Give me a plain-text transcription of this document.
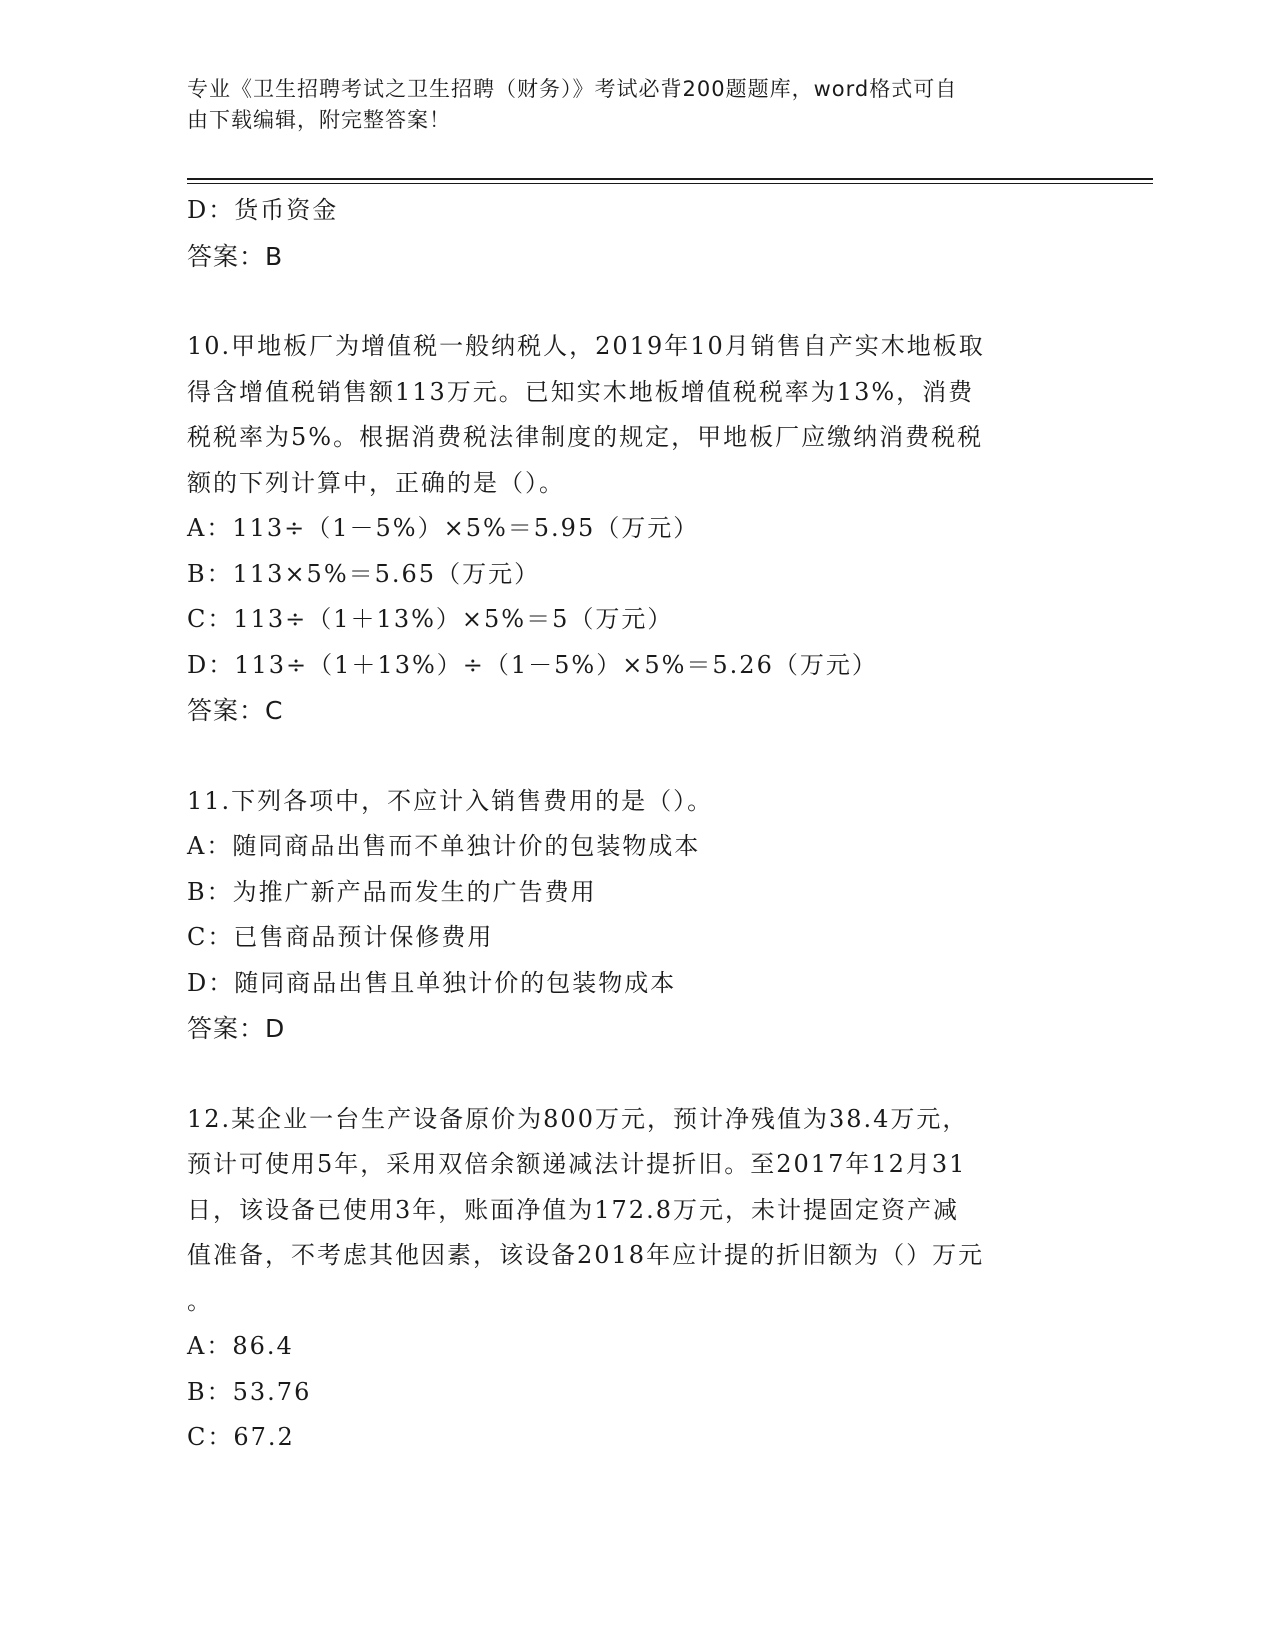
专业《卫生招聘考试之卫生招聘（财务）》考试必背200题题库，word格式可自
由下载编辑，附完整答案！
D：货币资金
答案：B
10.甲地板厂为增值税一般纳税人，2019年10月销售自产实木地板取
得含增值税销售额113万元。已知实木地板增值税税率为13%，消费
税税率为5%。根据消费税法律制度的规定，甲地板厂应缴纳消费税税
额的下列计算中，正确的是（）。
A：113÷（1－5%）×5%＝5.95（万元）
B：113×5%＝5.65（万元）
C：113÷（1＋13%）×5%＝5（万元）
D：113÷（1＋13%）÷（1－5%）×5%＝5.26（万元）
答案：C
11.下列各项中，不应计入销售费用的是（）。
A：随同商品出售而不单独计价的包装物成本
B：为推广新产品而发生的广告费用
C：已售商品预计保修费用
D：随同商品出售且单独计价的包装物成本
答案：D
12.某企业一台生产设备原价为800万元，预计净残值为38.4万元，
预计可使用5年，采用双倍余额递减法计提折旧。至2017年12月31
日，该设备已使用3年，账面净值为172.8万元，未计提固定资产减
值准备，不考虑其他因素，该设备2018年应计提的折旧额为（）万元
。
A：86.4
B：53.76
C：67.2
